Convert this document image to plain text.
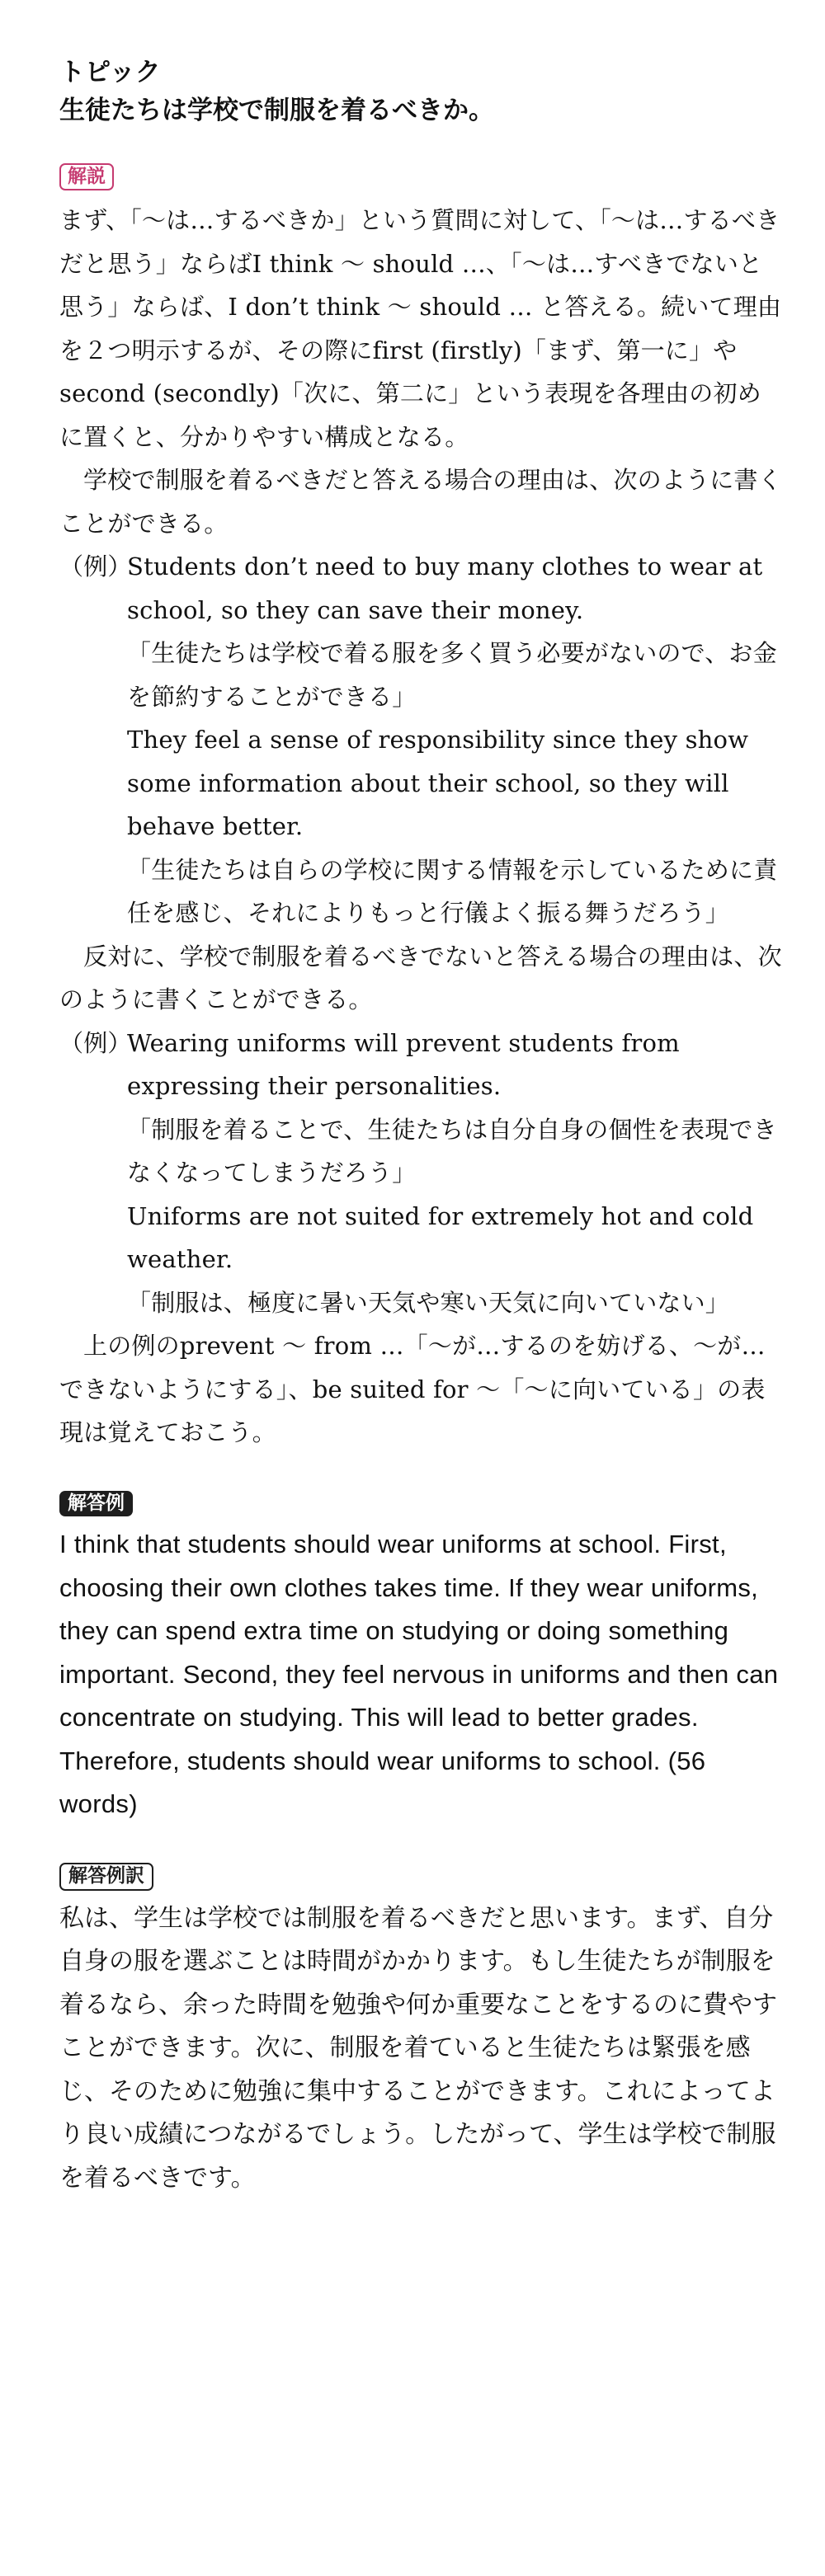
トピック
生徒たちは学校で制服を着るべきか。
解説

まず、「〜は…するべきか」という質問に対して、「〜は…するべきだと思う」ならばI think 〜 should …、「〜は…すべきでないと思う」ならば、I don’t think 〜 should … と答える。続いて理由を２つ明示するが、その際にfirst (firstly)「まず、第一に」やsecond (secondly)「次に、第二に」という表現を各理由の初めに置くと、分かりやすい構成となる。

学校で制服を着るべきだと答える場合の理由は、次のように書くことができる。

（例）
Students don’t need to buy many clothes to wear at school, so they can save their money.

「生徒たちは学校で着る服を多く買う必要がないので、お金を節約することができる」

They feel a sense of responsibility since they show some information about their school, so they will behave better.

「生徒たちは自らの学校に関する情報を示しているために責任を感じ、それによりもっと行儀よく振る舞うだろう」

反対に、学校で制服を着るべきでないと答える場合の理由は、次のように書くことができる。

（例）
Wearing uniforms will prevent students from expressing their personalities.

「制服を着ることで、生徒たちは自分自身の個性を表現できなくなってしまうだろう」

Uniforms are not suited for extremely hot and cold weather.

「制服は、極度に暑い天気や寒い天気に向いていない」

上の例のprevent 〜 from …「〜が…するのを妨げる、〜が…できないようにする」、be suited for 〜「〜に向いている」の表現は覚えておこう。

解答例

I think that students should wear uniforms at school. First, choosing their own clothes takes time. If they wear uniforms, they can spend extra time on studying or doing something important. Second, they feel nervous in uniforms and then can concentrate on studying. This will lead to better grades. Therefore, students should wear uniforms to school. (56 words)

解答例訳

私は、学生は学校では制服を着るべきだと思います。まず、自分自身の服を選ぶことは時間がかかります。もし生徒たちが制服を着るなら、余った時間を勉強や何か重要なことをするのに費やすことができます。次に、制服を着ていると生徒たちは緊張を感じ、そのために勉強に集中することができます。これによってより良い成績につながるでしょう。したがって、学生は学校で制服を着るべきです。
